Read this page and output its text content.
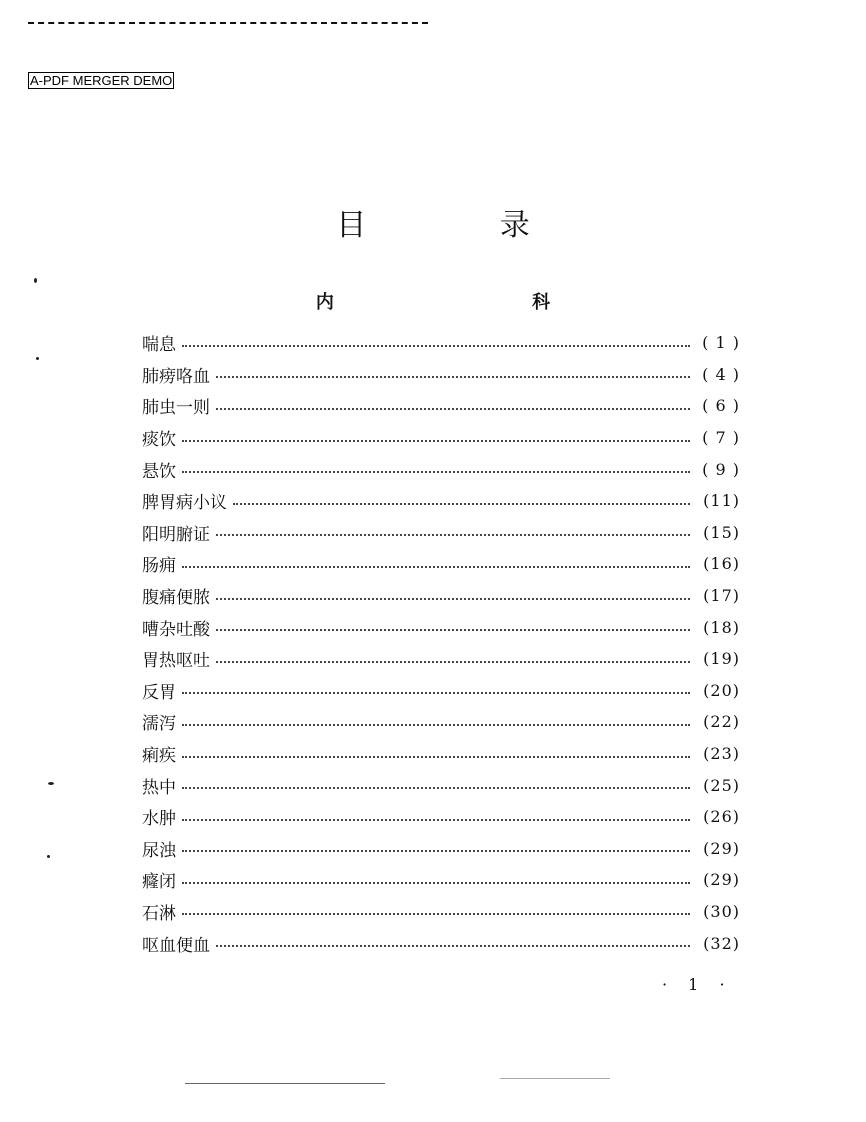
A-PDF MERGER DEMO
目 录
内 科
喘息	( 1 )
肺痨咯血	( 4 )
肺虫一则	( 6 )
痰饮	( 7 )
悬饮	( 9 )
脾胃病小议	(11)
阳明腑证	(15)
肠痈	(16)
腹痛便脓	(17)
嘈杂吐酸	(18)
胃热呕吐	(19)
反胃	(20)
濡泻	(22)
痢疾	(23)
热中	(25)
水肿	(26)
尿浊	(29)
癃闭	(29)
石淋	(30)
呕血便血	(32)
· 1 ·
